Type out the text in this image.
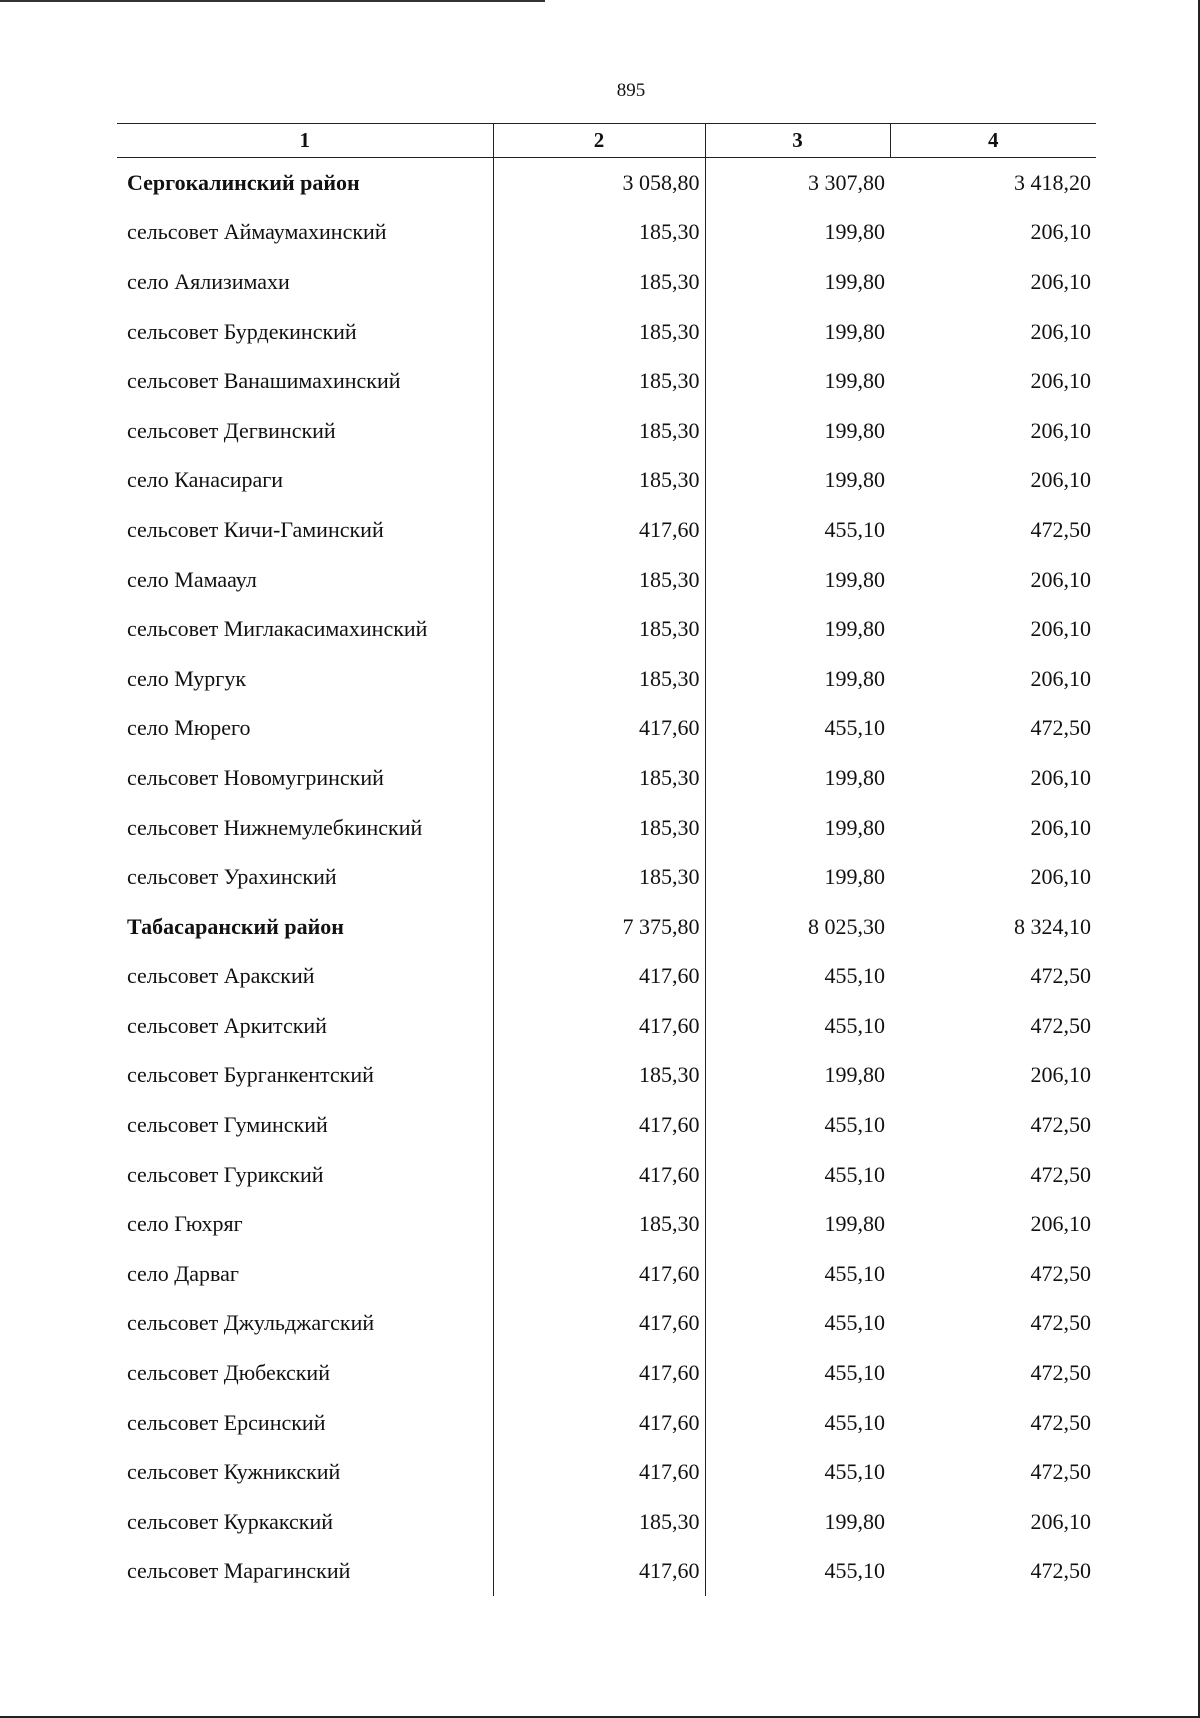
895
1	2	3	4
Сергокалинский район	3 058,80	3 307,80	3 418,20
сельсовет Аймаумахинский	185,30	199,80	206,10
село Аялизимахи	185,30	199,80	206,10
сельсовет Бурдекинский	185,30	199,80	206,10
сельсовет Ванашимахинский	185,30	199,80	206,10
сельсовет Дегвинский	185,30	199,80	206,10
село Канасираги	185,30	199,80	206,10
сельсовет Кичи-Гаминский	417,60	455,10	472,50
село Мамааул	185,30	199,80	206,10
сельсовет Миглакасимахинский	185,30	199,80	206,10
село Мургук	185,30	199,80	206,10
село Мюрего	417,60	455,10	472,50
сельсовет Новомугринский	185,30	199,80	206,10
сельсовет Нижнемулебкинский	185,30	199,80	206,10
сельсовет Урахинский	185,30	199,80	206,10
Табасаранский район	7 375,80	8 025,30	8 324,10
сельсовет Аракский	417,60	455,10	472,50
сельсовет Аркитский	417,60	455,10	472,50
сельсовет Бурганкентский	185,30	199,80	206,10
сельсовет Гуминский	417,60	455,10	472,50
сельсовет Гурикский	417,60	455,10	472,50
село Гюхряг	185,30	199,80	206,10
село Дарваг	417,60	455,10	472,50
сельсовет Джульджагский	417,60	455,10	472,50
сельсовет Дюбекский	417,60	455,10	472,50
сельсовет Ерсинский	417,60	455,10	472,50
сельсовет Кужникский	417,60	455,10	472,50
сельсовет Куркакский	185,30	199,80	206,10
сельсовет Марагинский	417,60	455,10	472,50
